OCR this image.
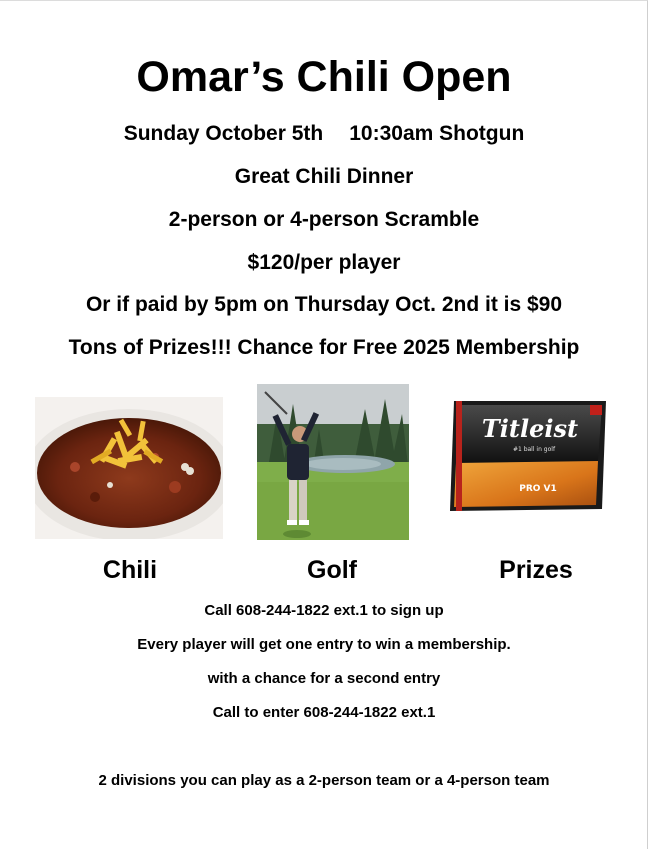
Omar’s Chili Open
Sunday October 5th 10:30am Shotgun
Great Chili Dinner
2-person or 4-person Scramble
$120/per player
Or if paid by 5pm on Thursday Oct. 2nd it is $90
Tons of Prizes!!! Chance for Free 2025 Membership
Titleist
#1 ball in golf
PRO V1
Chili	Golf	Prizes
Call 608-244-1822 ext.1 to sign up
Every player will get one entry to win a membership.
with a chance for a second entry
Call to enter 608-244-1822 ext.1
2 divisions you can play as a 2-person team or a 4-person team
